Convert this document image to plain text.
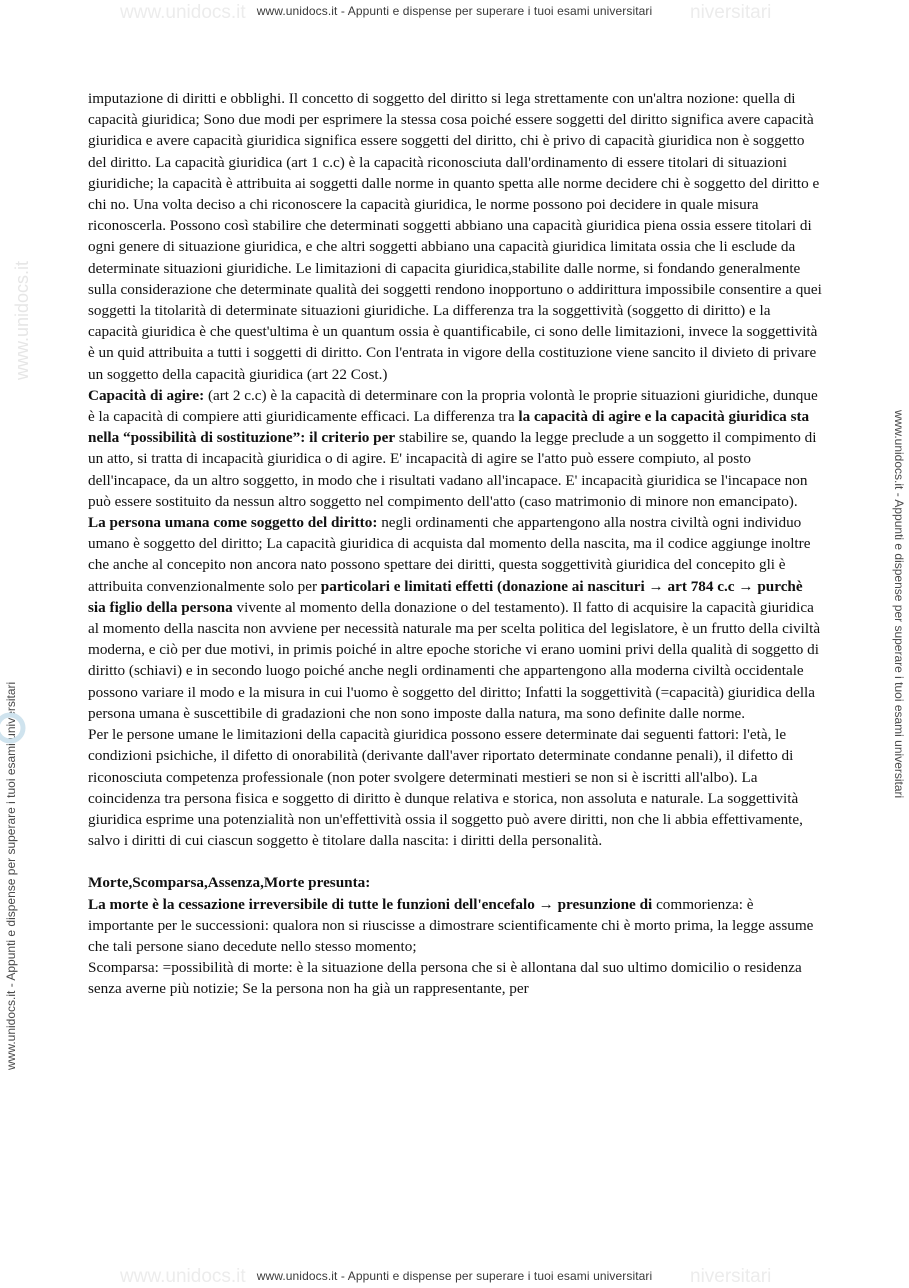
www.unidocs.it	niversitari
www.unidocs.it - Appunti e dispense per superare i tuoi esami universitari
www.unidocs.it - Appunti e dispense per superare i tuoi esami universitari
www.unidocs.it
www.unidocs.it - Appunti e dispense per superare i tuoi esami universitari

imputazione di diritti e obblighi. Il concetto di soggetto del diritto si lega strettamente con un'altra nozione: quella di capacità giuridica; Sono due modi per esprimere la stessa cosa poiché essere soggetti del diritto significa avere capacità giuridica e avere capacità giuridica significa essere soggetti del diritto, chi è privo di capacità giuridica non è soggetto del diritto. La capacità giuridica (art 1 c.c) è la capacità riconosciuta dall'ordinamento di essere titolari di situazioni giuridiche; la capacità è attribuita ai soggetti dalle norme in quanto spetta alle norme decidere chi è soggetto del diritto e chi no. Una volta deciso a chi riconoscere la capacità giuridica, le norme possono poi decidere in quale misura riconoscerla. Possono così stabilire che determinati soggetti abbiano una capacità giuridica piena ossia essere titolari di ogni genere di situazione giuridica, e che altri soggetti abbiano una capacità giuridica limitata ossia che li esclude da determinate situazioni giuridiche. Le limitazioni di capacita giuridica,stabilite dalle norme, si fondando generalmente sulla considerazione che determinate qualità dei soggetti rendono inopportuno o addirittura impossibile consentire a quei soggetti la titolarità di determinate situazioni giuridiche. La differenza tra la soggettività (soggetto di diritto) e la capacità giuridica è che quest'ultima è un quantum ossia è quantificabile, ci sono delle limitazioni, invece la soggettività è un quid attribuita a tutti i soggetti di diritto. Con l'entrata in vigore della costituzione viene sancito il divieto di privare un soggetto della capacità giuridica (art 22 Cost.)

Capacità di agire: (art 2 c.c) è la capacità di determinare con la propria volontà le proprie situazioni giuridiche, dunque è la capacità di compiere atti giuridicamente efficaci. La differenza tra la capacità di agire e la capacità giuridica sta nella “possibilità di sostituzione”: il criterio per stabilire se, quando la legge preclude a un soggetto il compimento di un atto, si tratta di incapacità giuridica o di agire. E' incapacità di agire se l'atto può essere compiuto, al posto dell'incapace, da un altro soggetto, in modo che i risultati vadano all'incapace. E' incapacità giuridica se l'incapace non può essere sostituito da nessun altro soggetto nel compimento dell'atto (caso matrimonio di minore non emancipato).

La persona umana come soggetto del diritto: negli ordinamenti che appartengono alla nostra civiltà ogni individuo umano è soggetto del diritto; La capacità giuridica di acquista dal momento della nascita, ma il codice aggiunge inoltre che anche al concepito non ancora nato possono spettare dei diritti, questa soggettività giuridica del concepito gli è attribuita convenzionalmente solo per particolari e limitati effetti (donazione ai nascituri → art 784 c.c → purchè sia figlio della persona vivente al momento della donazione o del testamento). Il fatto di acquisire la capacità giuridica al momento della nascita non avviene per necessità naturale ma per scelta politica del legislatore, è un frutto della civiltà moderna, e ciò per due motivi, in primis poiché in altre epoche storiche vi erano uomini privi della qualità di soggetto di diritto (schiavi) e in secondo luogo poiché anche negli ordinamenti che appartengono alla moderna civiltà occidentale possono variare il modo e la misura in cui l'uomo è soggetto del diritto; Infatti la soggettività (=capacità) giuridica della persona umana è suscettibile di gradazioni che non sono imposte dalla natura, ma sono definite dalle norme.

Per le persone umane le limitazioni della capacità giuridica possono essere determinate dai seguenti fattori: l'età, le condizioni psichiche, il difetto di onorabilità (derivante dall'aver riportato determinate condanne penali), il difetto di riconosciuta competenza professionale (non poter svolgere determinati mestieri se non si è iscritti all'albo). La coincidenza tra persona fisica e soggetto di diritto è dunque relativa e storica, non assoluta e naturale. La soggettività giuridica esprime una potenzialità non un'effettività ossia il soggetto può avere diritti, non che li abbia effettivamente, salvo i diritti di cui ciascun soggetto è titolare dalla nascita: i diritti della personalità.

Morte,Scomparsa,Assenza,Morte presunta:

La morte è la cessazione irreversibile di tutte le funzioni dell'encefalo → presunzione di commorienza: è importante per le successioni: qualora non si riuscisse a dimostrare scientificamente chi è morto prima, la legge assume che tali persone siano decedute nello stesso momento;

Scomparsa: =possibilità di morte: è la situazione della persona che si è allontana dal suo ultimo domicilio o residenza senza averne più notizie; Se la persona non ha già un rappresentante, per

www.unidocs.it	niversitari
www.unidocs.it - Appunti e dispense per superare i tuoi esami universitari
